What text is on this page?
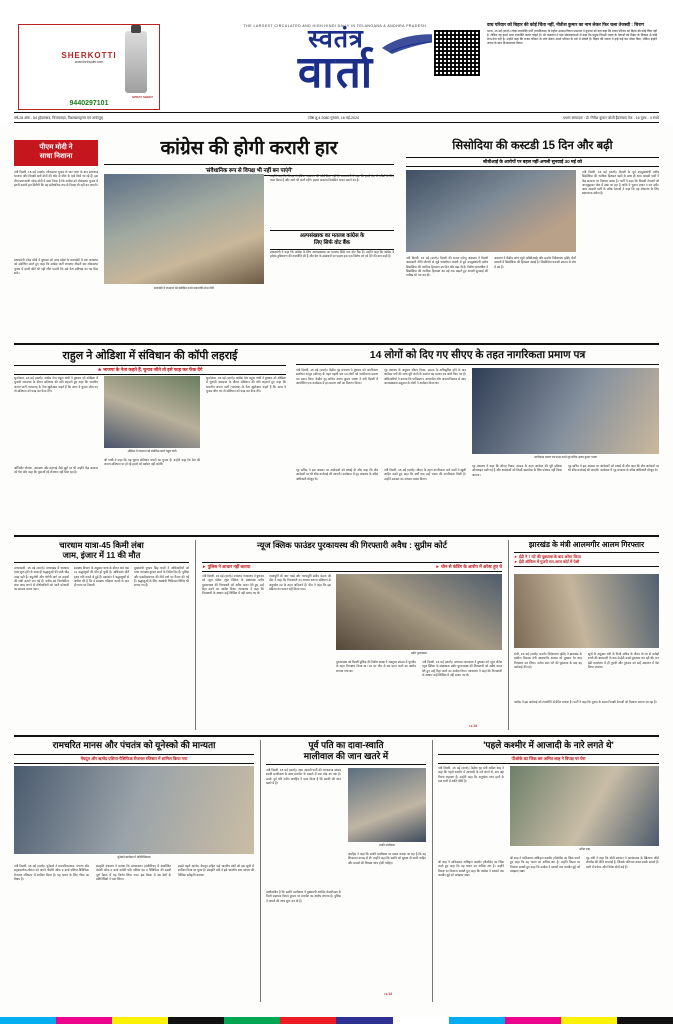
THE LARGEST CIRCULATED AND HIGH HINDI DAILY IN TELANGANA & ANDHRA PRADESH
SHERKOTTI
www.theinsider.com
SPRAY SHEET
9440297101
स्वतंत्र
वार्ता
वाघ परिवार को बिहार की कोई चिंता नहीं, नीतीश कुमार का नाम लेकर फिर चला तेजस्वी : चिराग
पटना, 15 मई (वार्ता)। लोक जनशक्ति पार्टी (रामविलास) के राष्ट्रीय अध्यक्ष चिराग पासवान ने बुधवार को यहां कहा कि राजद परिवार को बिहार की कोई चिंता नहीं है, लेकिन वह हमारे साथ राजनीति करना चाहते हैं। श्री पासवान ने यहां संवाददाताओं से कहा कि प्रमुख विपक्षी राजद के नेताओं को बिहार के विकास से कोई लेना-देना नहीं है। उन्होंने कहा कि राजद परिवार के लोग केवल अपने परिवार के बारे में सोचते हैं। बिहार की जनता ने इन्हें कई बार मौका दिया, लेकिन इन्होंने जनता के साथ विश्वासघात किया।
वर्ष-28 अंक - 54 (हैदराबाद, विजयवाड़ा, विशाखापट्टनम एवं अनंतपुर)	ज्येष्ठ शु.4 2080 गुरुवार, 16 मई-2024	प्रधान सम्पादक : डॉ. गिरीश कुमार जोशी हैदराबाद पेज - 16 मूल्य - 4 रुपये
पीएम मोदी ने
साधा निशाना	कांग्रेस की होगी करारी हार
'संवैधानिक रूप से विपक्ष भी नहीं बन पाएंगे'
सिसोदिया की कस्टडी 15 दिन और बढ़ी
सीबीआई के आरोपों पर बहस नहीं-अगली सुनवाई 30 मई को
नयी दिल्ली, 15 मई (वार्ता)। लोकसभा चुनाव के चार चरण के बाद सत्तारूढ़ भाजपा और विपक्षी दलों दोनों की ओर से जीत के दावे किये जा रहे हैं। इस बीच प्रधानमंत्री नरेन्द्र मोदी ने दावा किया है कि कांग्रेस को लोकसभा चुनाव में इतनी करारी हार मिलेगी कि वह संवैधानिक रूप से विपक्ष भी नहीं बन पाएगी।
प्रधानमंत्री नरेन्द्र मोदी ने बुधवार को उत्तर प्रदेश के बाराबंकी में एक जनसभा को संबोधित करते हुए कहा कि कांग्रेस पार्टी लगातार तीसरी बार लोकसभा चुनाव में इतनी सीटें भी नहीं जीत पाएगी कि उसे नेता प्रतिपक्ष का पद मिल सके।
बाराबंकी में जनसभा को संबोधित करते प्रधानमंत्री नरेन्द्र मोदी
उन्होंने कहा कि विपक्ष के इंडिया गठबंधन की कोई दिशा नहीं है। प्रधानमंत्री ने कहा कि हमने देश में गरीबों के लिए काम किया है और आगे भी करते रहेंगे। हमारा संकल्प विकसित भारत बनाने का है।
अल्पसंख्यक का मतलब कांग्रेस के
लिए सिर्फ वोट बैंक
प्रधानमंत्री ने कहा कि कांग्रेस के लिए अल्पसंख्यक का मतलब सिर्फ एक वोट बैंक है। उन्होंने कहा कि कांग्रेस ने हमेशा तुष्टिकरण की राजनीति की है और देश के संसाधनों पर पहला हक एक विशेष वर्ग को देने की बात कही है।	नयी दिल्ली, 15 मई (वार्ता)। दिल्ली की राउज एवेन्यू अदालत ने दिल्ली आबकारी नीति घोटाले से जुड़े धनशोधन मामले में पूर्व उपमुख्यमंत्री मनीष सिसोदिया की न्यायिक हिरासत 15 दिन और बढ़ा दी है। विशेष न्यायाधीश ने सिसोदिया की न्यायिक हिरासत 30 मई तक बढ़ाते हुए अगली सुनवाई की तारीख भी तय कर दी।
अदालत ने केंद्रीय जांच ब्यूरो (सीबीआई) और प्रवर्तन निदेशालय (ईडी) दोनों मामलों में सिसोदिया की हिरासत बढ़ाई है। सिसोदिया फरवरी 2023 से जेल में बंद हैं।
नयी दिल्ली, 15 मई (वार्ता)। दिल्ली के पूर्व उपमुख्यमंत्री मनीष सिसोदिया की न्यायिक हिरासत बढ़ने के साथ ही आम आदमी पार्टी ने केंद्र सरकार पर निशाना साधा है। पार्टी ने कहा कि विपक्षी नेताओं को जानबूझकर जेल में रखा जा रहा है ताकि वे चुनाव प्रचार न कर सकें। आम आदमी पार्टी के वरिष्ठ नेताओं ने कहा कि यह लोकतंत्र के लिए खतरनाक संकेत है।
राहुल ने ओडिशा में संविधान की कॉपी लहराई
★ भाजपा के नेता कहते हैं, चुनाव जीते तो इसे फाड़ कर फेंक देंगे
भुवनेश्वर, 15 मई (वार्ता)। कांग्रेस नेता राहुल गांधी ने बुधवार को ओडिशा में चुनावी जनसभा के दौरान संविधान की प्रति लहराते हुए कहा कि भारतीय जनता पार्टी (भाजपा) के नेता खुलेआम कहते हैं कि अगर वे चुनाव जीत गए तो संविधान को फाड़ कर फेंक देंगे।
अग्निवीर योजना, आरक्षण और महंगाई जैसे मुद्दों पर भी उन्होंने केंद्र सरकार को घेरा और कहा कि युवाओं को रोजगार नहीं मिल रहा है।
ओडिशा में जनसभा को संबोधित करते राहुल गांधी
श्री गांधी ने कहा कि यह चुनाव संविधान बचाने का चुनाव है। उन्होंने कहा कि देश की जनता संविधान पर हो रहे हमले को बर्दाश्त नहीं करेगी।
भुवनेश्वर, 15 मई (वार्ता)। कांग्रेस नेता राहुल गांधी ने बुधवार को ओडिशा में चुनावी जनसभा के दौरान संविधान की प्रति लहराते हुए कहा कि भारतीय जनता पार्टी (भाजपा) के नेता खुलेआम कहते हैं कि अगर वे चुनाव जीत गए तो संविधान को फाड़ कर फेंक देंगे।
14 लोगों को दिए गए सीएए के तहत नागरिकता प्रमाण पत्र
नयी दिल्ली, 15 मई (वार्ता)। केंद्रीय गृह मंत्रालय ने बुधवार को नागरिकता संशोधन कानून (सीएए) के तहत पहली बार 14 लोगों को नागरिकता प्रमाण पत्र प्रदान किए। केंद्रीय गृह सचिव अजय कुमार भल्ला ने नयी दिल्ली में आयोजित एक कार्यक्रम में इन प्रमाण पत्रों का वितरण किया।
गृह मंत्रालय के अनुसार सीएए नियम, 2024 के अधिसूचित होने के बाद आवेदन पत्रों की जांच पूरी करने के उपरांत यह प्रमाण पत्र जारी किए गए हैं। अधिकारियों ने बताया कि पाकिस्तान, बांग्लादेश और अफगानिस्तान से आए अल्पसंख्यक समुदाय के लोगों ने आवेदन किया था।
नागरिकता प्रमाण पत्र प्रदान करते गृह सचिव अजय कुमार भल्ला
गृह सचिव ने इस अवसर पर आवेदकों को बधाई दी और कहा कि शेष आवेदनों पर भी शीघ्र कार्रवाई की जाएगी। कार्यक्रम में गृह मंत्रालय के वरिष्ठ अधिकारी मौजूद थे।
नयी दिल्ली, 15 मई (वार्ता)। सीएए के तहत नागरिकता पाने वालों ने खुशी जाहिर करते हुए कहा कि वर्षों बाद उन्हें भारत की नागरिकता मिली है। उन्होंने सरकार का आभार व्यक्त किया।
गृह मंत्रालय ने कहा कि सीएए नियम, 2024 के तहत आवेदन की पूरी प्रक्रिया ऑनलाइन रखी गई है और आवेदकों को किसी दस्तावेज के लिए परेशान नहीं किया जाएगा।
गृह सचिव ने इस अवसर पर आवेदकों को बधाई दी और कहा कि शेष आवेदनों पर भी शीघ्र कार्रवाई की जाएगी। कार्यक्रम में गृह मंत्रालय के वरिष्ठ अधिकारी मौजूद थे।
चारधाम यात्रा-45 किमी लंबा
जाम, इंजार में 11 की मौत
उत्तरकाशी, 15 मई (वार्ता)। उत्तराखंड में चारधाम यात्रा शुरू होने के साथ ही श्रद्धालुओं की भारी भीड़ उमड़ पड़ी है। यमुनोत्री और गंगोत्री मार्ग पर वाहनों की लंबी कतारें लग गई हैं। करीब 45 किलोमीटर लंबा जाम लगने से तीर्थयात्रियों को भारी परेशानी का सामना करना पड़ा।
स्वास्थ्य विभाग के अनुसार यात्रा के दौरान अब तक 11 श्रद्धालुओं की मौत हो चुकी है। अधिकांश मौतें हृदय गति रुकने से हुई हैं। प्रशासन ने श्रद्धालुओं से अपील की है कि वे स्वास्थ्य परीक्षण कराने के बाद ही यात्रा पर निकलें।
मुख्यमंत्री पुष्कर सिंह धामी ने अधिकारियों को यात्रा व्यवस्था दुरुस्त करने के निर्देश दिए हैं। पुलिस और एसडीआरएफ की टीमें मार्ग पर तैनात की गई हैं। श्रद्धालुओं के लिए अस्थायी चिकित्सा शिविर भी लगाए गए हैं।
न्यूज क्लिक फाउंडर पुरकायस्थ की गिरफ्तारी अवैध : सुप्रीम कोर्ट
► पुलिस ने आधार नहीं बताया	► चीन से फंडिंग के आरोप में अरेस्ट हुए थे
नयी दिल्ली, 15 मई (वार्ता)। उच्चतम न्यायालय ने बुधवार को न्यूज पोर्टल न्यूज क्लिक के संस्थापक प्रबीर पुरकायस्थ की गिरफ्तारी को अवैध करार देते हुए उन्हें रिहा करने का आदेश दिया। न्यायालय ने कहा कि गिरफ्तारी के आधार उन्हें लिखित में नहीं बताए गए थे।
न्यायमूर्ति बी आर गवई और न्यायमूर्ति संदीप मेहता की पीठ ने कहा कि गिरफ्तारी का आधार बताना संविधान के अनुच्छेद 22 के तहत अनिवार्य है। पीठ ने कहा कि इस प्रक्रिया का पालन नहीं किया गया।
प्रबीर पुरकायस्थ
पुरकायस्थ को दिल्ली पुलिस की विशेष शाखा ने अक्टूबर 2023 में यूएपीए के तहत गिरफ्तार किया था। उन पर चीन से धन प्राप्त करने का आरोप लगाया गया था।
नयी दिल्ली, 15 मई (वार्ता)। उच्चतम न्यायालय ने बुधवार को न्यूज पोर्टल न्यूज क्लिक के संस्थापक प्रबीर पुरकायस्थ की गिरफ्तारी को अवैध करार देते हुए उन्हें रिहा करने का आदेश दिया। न्यायालय ने कहा कि गिरफ्तारी के आधार उन्हें लिखित में नहीं बताए गए थे।
।►14
झारखंड के मंत्री आलमगीर आलम गिरफ्तार
► ईडी ने 7 घंटे की पूछताछ के बाद अरेस्ट किया
► ईडी ऑफिस में गुजरी रात-आज कोर्ट में पेशी
रांची, 15 मई (वार्ता)। प्रवर्तन निदेशालय (ईडी) ने झारखंड के ग्रामीण विकास मंत्री आलमगीर आलम को बुधवार देर शाम गिरफ्तार कर लिया। करीब सात घंटे की पूछताछ के बाद यह कार्रवाई की गई।
सूत्रों के अनुसार मंत्री के निजी सचिव के नौकर के घर से करोड़ों रुपये की बरामदगी के बाद से ईडी उनसे पूछताछ कर रही थी। रात ईडी कार्यालय में ही गुजरी और गुरुवार को उन्हें अदालत में पेश किया जाएगा।
कांग्रेस ने इस कार्रवाई को राजनीति से प्रेरित बताया है। पार्टी ने कहा कि चुनाव के समय विपक्षी नेताओं को निशाना बनाया जा रहा है।
रामचरित मानस और पंचतंत्र को यूनेस्को की मान्यता
मेघदूत और ऋग्वेद एशिया-पैसिफिक रीजनल रजिस्टर में शामिल किया गया
यूनेस्को कार्यक्रम में प्रतिनिधिमंडल
नयी दिल्ली, 15 मई (वार्ता)। यूनेस्को ने रामचरितमानस, पंचतंत्र और सहृदयलोक-लोकन को अपने 'मेमोरी ऑफ द वर्ल्ड एशिया-पैसिफिक रीजनल रजिस्टर' में शामिल किया है। यह भारत के लिए गौरव का विषय है।
संस्कृति मंत्रालय ने बताया कि उलानबटार (मंगोलिया) में आयोजित मेमोरी ऑफ द वर्ल्ड कमेटी फॉर एशिया एंड द पैसिफिक की दसवीं पूर्ण बैठक में यह निर्णय लिया गया। इस बैठक में 38 देशों के प्रतिनिधियों ने भाग लिया।
इससे पहले ऋग्वेद, मेघदूत सहित कई भारतीय ग्रंथों को इस सूची में शामिल किया जा चुका है। संस्कृति मंत्री ने इसे भारतीय ज्ञान परंपरा की वैश्विक स्वीकृति बताया।
पूर्व पति का दावा-स्वाति
मालीवाल की जान खतरे में
नयी दिल्ली, 15 मई (वार्ता)। आम आदमी पार्टी की राज्यसभा सांसद स्वाति मालीवाल के साथ मारपीट के मामले में नया मोड़ आ गया है। उनके पूर्व पति नवीन जयहिंद ने दावा किया है कि स्वाति की जान खतरे में है।
स्वाति मालीवाल
जयहिंद ने कहा कि स्वाति मालीवाल पर दबाव बनाया जा रहा है कि वह शिकायत वापस ले लें। उन्होंने कहा कि स्वाति को सुरक्षा दी जानी चाहिए और मामले की निष्पक्ष जांच होनी चाहिए।
उल्लेखनीय है कि स्वाति मालीवाल ने मुख्यमंत्री अरविंद केजरीवाल के निजी सहायक बिभव कुमार पर मारपीट का आरोप लगाया है। पुलिस ने मामले की जांच शुरू कर दी है।
।►14
'पहले कश्मीर में आजादी के नारे लगते थे'
पीओके का जिक्र कर अमित शाह ने विपक्ष पर घेरा
अमित शाह
नयी दिल्ली, 15 मई (वार्ता)। केंद्रीय गृह मंत्री अमित शाह ने कहा कि पहले कश्मीर में आजादी के नारे लगते थे, अब वहां तिरंगा लहराता है। उन्होंने कहा कि अनुच्छेद 370 हटने के बाद घाटी में शांति लौटी है।
श्री शाह ने पाकिस्तान अधिकृत कश्मीर (पीओके) का जिक्र करते हुए कहा कि वह भारत का अभिन्न अंग है। उन्होंने विपक्ष पर निशाना साधते हुए कहा कि कांग्रेस ने दशकों तक कश्मीर मुद्दे को उलझाए रखा।
गृह मंत्री ने कहा कि मोदी सरकार ने आतंकवाद के खिलाफ जीरो टॉलरेंस की नीति अपनाई है, जिसके परिणाम आज सबके सामने हैं। घाटी में पर्यटन और निवेश दोनों बढ़े हैं।
श्री शाह ने पाकिस्तान अधिकृत कश्मीर (पीओके) का जिक्र करते हुए कहा कि वह भारत का अभिन्न अंग है। उन्होंने विपक्ष पर निशाना साधते हुए कहा कि कांग्रेस ने दशकों तक कश्मीर मुद्दे को उलझाए रखा।
